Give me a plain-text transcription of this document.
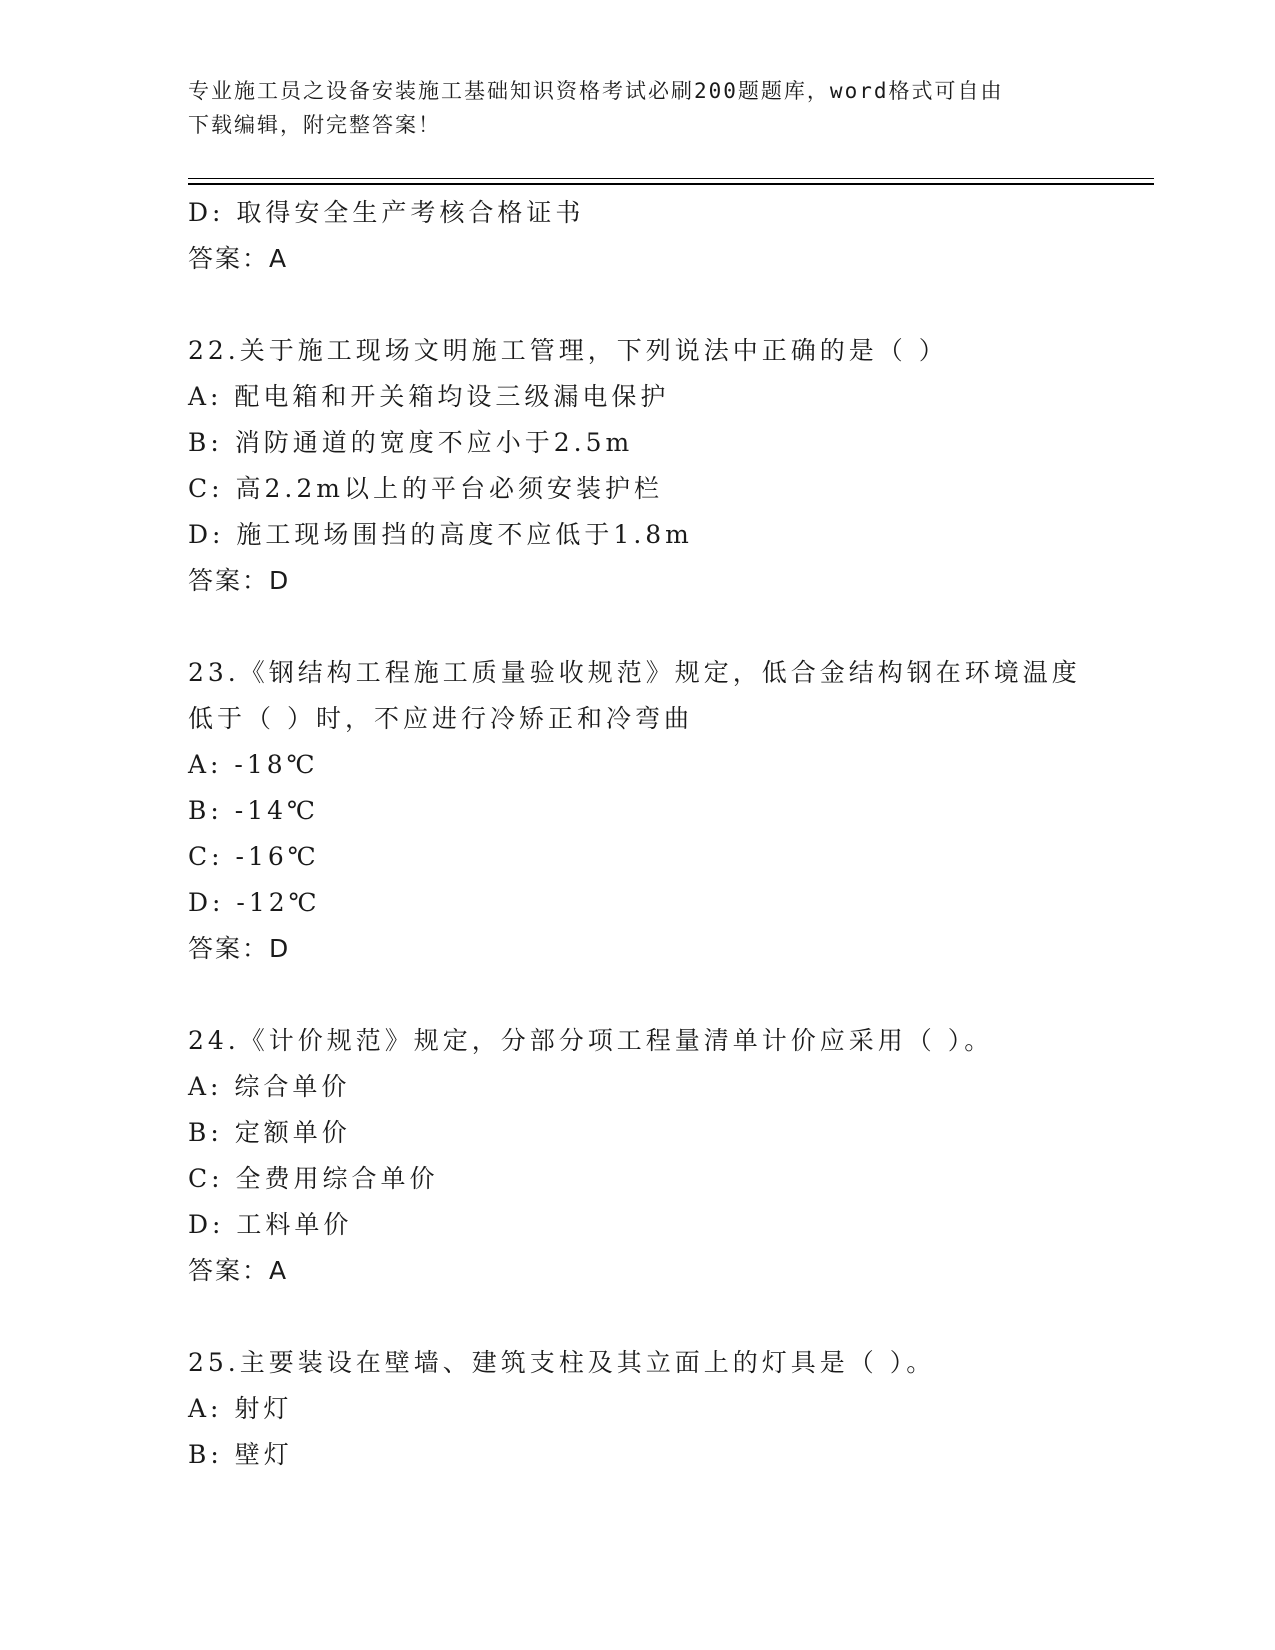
专业施工员之设备安装施工基础知识资格考试必刷200题题库，word格式可自由
下载编辑，附完整答案！
D: 取得安全生产考核合格证书
答案：A
22.关于施工现场文明施工管理，下列说法中正确的是（ ）
A: 配电箱和开关箱均设三级漏电保护
B: 消防通道的宽度不应小于2.5m
C: 高2.2m以上的平台必须安装护栏
D: 施工现场围挡的高度不应低于1.8m
答案：D
23.《钢结构工程施工质量验收规范》规定，低合金结构钢在环境温度
低于（ ）时，不应进行冷矫正和冷弯曲
A: -18℃
B: -14℃
C: -16℃
D: -12℃
答案：D
24.《计价规范》规定，分部分项工程量清单计价应采用（ ）。
A: 综合单价
B: 定额单价
C: 全费用综合单价
D: 工料单价
答案：A
25.主要装设在壁墙、建筑支柱及其立面上的灯具是（ ）。
A: 射灯
B: 壁灯
